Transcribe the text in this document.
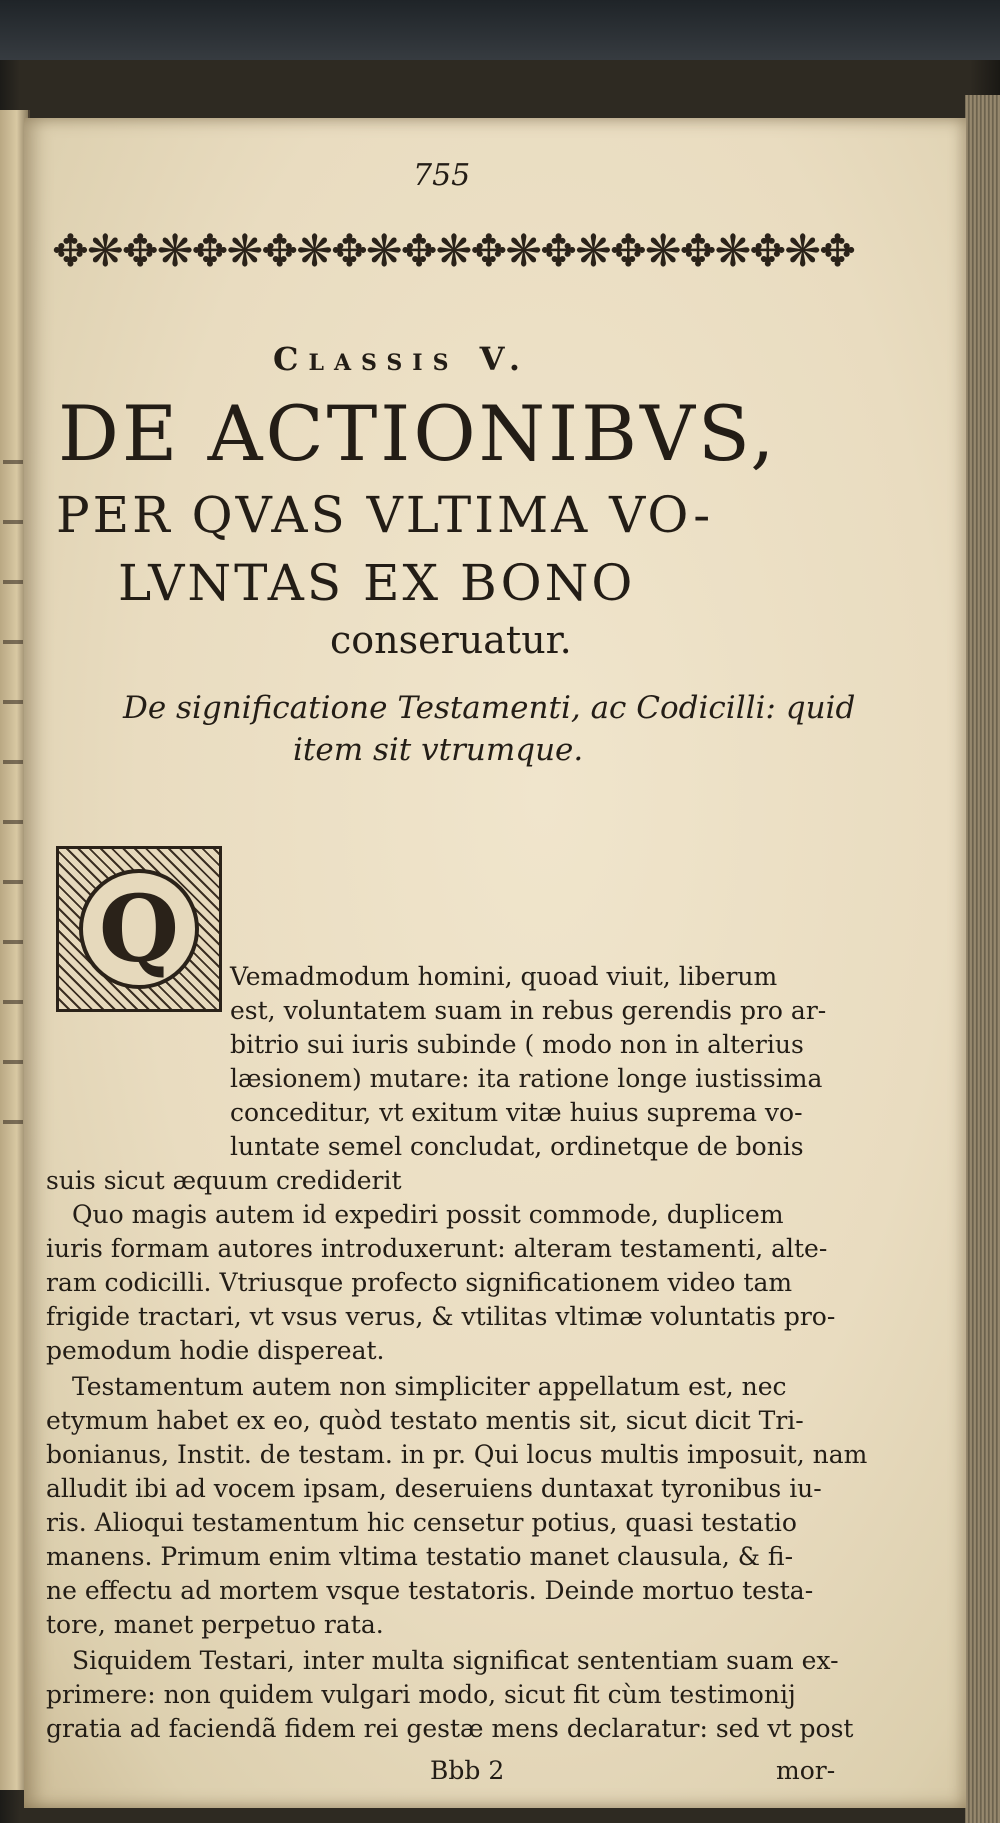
755
✥❋✥❋✥❋✥❋✥❋✥❋✥❋✥❋✥❋✥❋✥❋✥
Classis V.
DE ACTIONIBVS,
PER QVAS VLTIMA VO-
LVNTAS EX BONO
conseruatur.
De significatione Testamenti, ac Codicilli: quid
item sit vtrumque.
Q	Vemadmodum homini, quoad viuit, liberum
est, voluntatem suam in rebus gerendis pro ar-
bitrio sui iuris subinde ( modo non in alterius
læsionem) mutare: ita ratione longe iustissima
conceditur, vt exitum vitæ huius suprema vo-
luntate semel concludat, ordinetque de bonis
suis sicut æquum crediderit
Quo magis autem id expediri possit commode, duplicem
iuris formam autores introduxerunt: alteram testamenti, alte-
ram codicilli. Vtriusque profecto significationem video tam
frigide tractari, vt vsus verus, & vtilitas vltimæ voluntatis pro-
pemodum hodie dispereat.
Testamentum autem non simpliciter appellatum est, nec
etymum habet ex eo, quòd testato mentis sit, sicut dicit Tri-
bonianus, Instit. de testam. in pr. Qui locus multis imposuit, nam
alludit ibi ad vocem ipsam, deseruiens duntaxat tyronibus iu-
ris. Alioqui testamentum hic censetur potius, quasi testatio
manens. Primum enim vltima testatio manet clausula, & fi-
ne effectu ad mortem vsque testatoris. Deinde mortuo testa-
tore, manet perpetuo rata.
Siquidem Testari, inter multa significat sententiam suam ex-
primere: non quidem vulgari modo, sicut fit cùm testimonij
gratia ad faciendã fidem rei gestæ mens declaratur: sed vt post
Bbb 2	mor-
